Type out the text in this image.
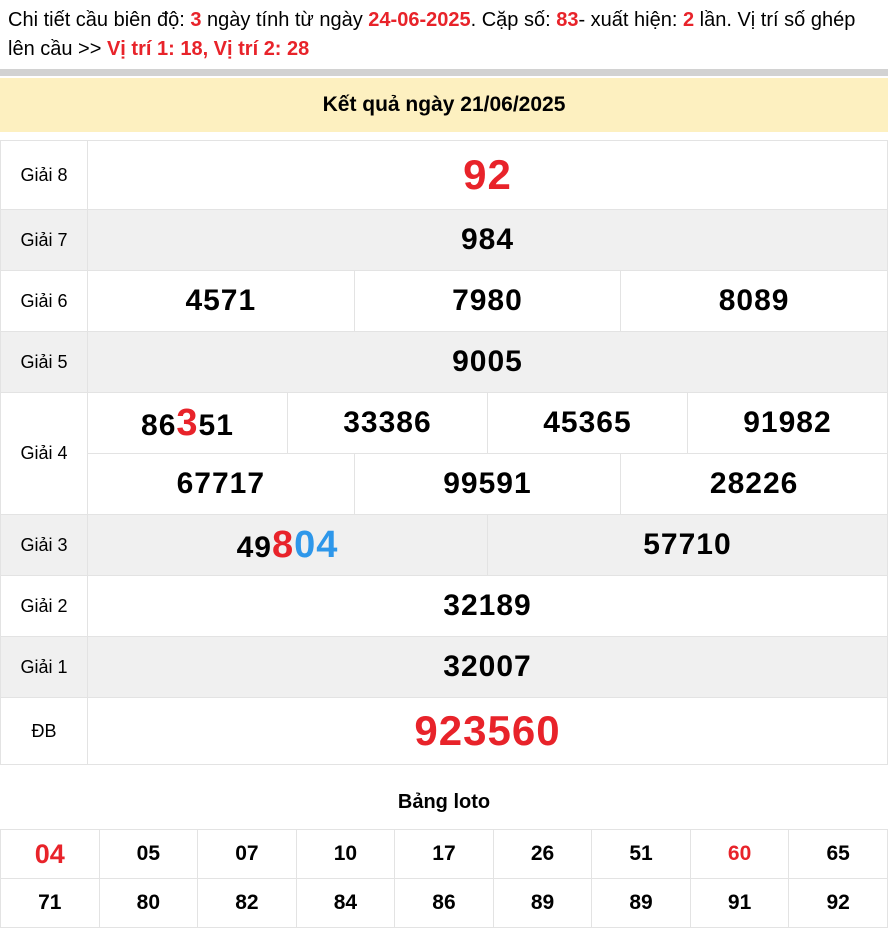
Chi tiết cầu biên độ: 3 ngày tính từ ngày 24-06-2025. Cặp số: 83- xuất hiện: 2 lần. Vị trí số ghép lên cầu >> Vị trí 1: 18, Vị trí 2: 28

Kết quả ngày 21/06/2025
Giải 8	92					
Giải 7	984					
Giải 6	4571		7980		8089	
Giải 5	9005					
Giải 4	86351	33386		45365		91982
	67717		99591		28226	
Giải 3	49804			57710		
Giải 2	32189					
Giải 1	32007					
ĐB	923560					
Bảng loto
04	05	07	10	17	26	51	60	65
71	80	82	84	86	89	89	91	92
